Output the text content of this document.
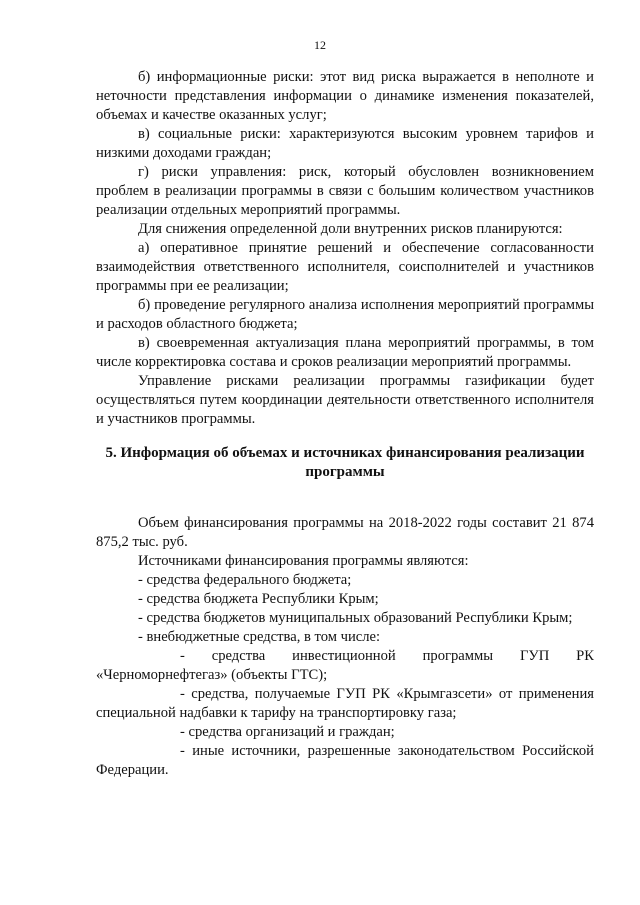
12

б) информационные риски: этот вид риска выражается в неполноте и неточности представления информации о динамике изменения показателей, объемах и качестве оказанных услуг;

в) социальные риски: характеризуются высоким уровнем тарифов и низкими доходами граждан;

г) риски управления: риск, который обусловлен возникновением проблем в реализации программы в связи с большим количеством участников реализации отдельных мероприятий программы.

Для снижения определенной доли внутренних рисков планируются:

а) оперативное принятие решений и обеспечение согласованности взаимодействия ответственного исполнителя, соисполнителей и участников программы при ее реализации;

б) проведение регулярного анализа исполнения мероприятий программы и расходов областного бюджета;

в) своевременная актуализация плана мероприятий программы, в том числе корректировка состава и сроков реализации мероприятий программы.

Управление рисками реализации программы газификации будет осуществляться путем координации деятельности ответственного исполнителя и участников программы.

5. Информация об объемах и источниках финансирования реализации программы

Объем финансирования программы на 2018-2022 годы составит 21 874 875,2 тыс. руб.

Источниками финансирования программы являются:

- средства федерального бюджета;

- средства бюджета Республики Крым;

- средства бюджетов муниципальных образований Республики Крым;

- внебюджетные средства, в том числе:

- средства инвестиционной программы ГУП РК «Черноморнефтегаз» (объекты ГТС);

- средства, получаемые ГУП РК «Крымгазсети» от применения специальной надбавки к тарифу на транспортировку газа;

- средства организаций и граждан;

- иные источники, разрешенные законодательством Российской Федерации.
